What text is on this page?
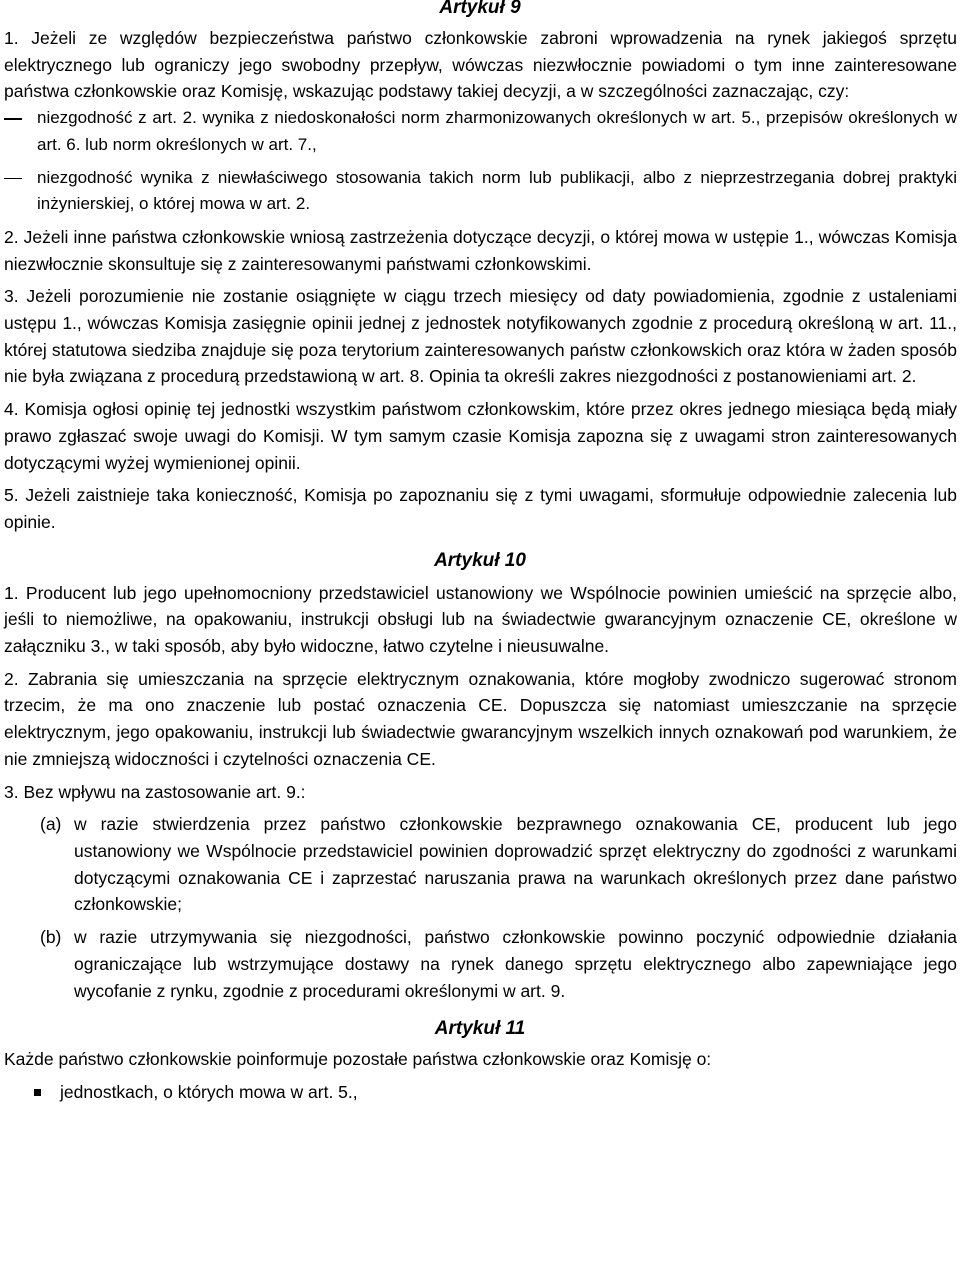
Artykuł 9

1. Jeżeli ze względów bezpieczeństwa państwo członkowskie zabroni wprowadzenia na rynek jakiegoś sprzętu elektrycznego lub ograniczy jego swobodny przepływ, wówczas niezwłocznie powiadomi o tym inne zainteresowane państwa członkowskie oraz Komisję, wskazując podstawy takiej decyzji, a w szczególności zaznaczając, czy:

niezgodność z art. 2. wynika z niedoskonałości norm zharmonizowanych określonych w art. 5., przepisów określonych w art. 6. lub norm określonych w art. 7.,
niezgodność wynika z niewłaściwego stosowania takich norm lub publikacji, albo z nieprzestrzegania dobrej praktyki inżynierskiej, o której mowa w art. 2.

2. Jeżeli inne państwa członkowskie wniosą zastrzeżenia dotyczące decyzji, o której mowa w ustępie 1., wówczas Komisja niezwłocznie skonsultuje się z zainteresowanymi państwami członkowskimi.

3. Jeżeli porozumienie nie zostanie osiągnięte w ciągu trzech miesięcy od daty powiadomienia, zgodnie z ustaleniami ustępu 1., wówczas Komisja zasięgnie opinii jednej z jednostek notyfikowanych zgodnie z procedurą określoną w art. 11., której statutowa siedziba znajduje się poza terytorium zainteresowanych państw członkowskich oraz która w żaden sposób nie była związana z procedurą przedstawioną w art. 8. Opinia ta określi zakres niezgodności z postanowieniami art. 2.

4. Komisja ogłosi opinię tej jednostki wszystkim państwom członkowskim, które przez okres jednego miesiąca będą miały prawo zgłaszać swoje uwagi do Komisji. W tym samym czasie Komisja zapozna się z uwagami stron zainteresowanych dotyczącymi wyżej wymienionej opinii.

5. Jeżeli zaistnieje taka konieczność, Komisja po zapoznaniu się z tymi uwagami, sformułuje odpowiednie zalecenia lub opinie.

Artykuł 10

1. Producent lub jego upełnomocniony przedstawiciel ustanowiony we Wspólnocie powinien umieścić na sprzęcie albo, jeśli to niemożliwe, na opakowaniu, instrukcji obsługi lub na świadectwie gwarancyjnym oznaczenie CE, określone w załączniku 3., w taki sposób, aby było widoczne, łatwo czytelne i nieusuwalne.

2. Zabrania się umieszczania na sprzęcie elektrycznym oznakowania, które mogłoby zwodniczo sugerować stronom trzecim, że ma ono znaczenie lub postać oznaczenia CE. Dopuszcza się natomiast umieszczanie na sprzęcie elektrycznym, jego opakowaniu, instrukcji lub świadectwie gwarancyjnym wszelkich innych oznakowań pod warunkiem, że nie zmniejszą widoczności i czytelności oznaczenia CE.

3. Bez wpływu na zastosowanie art. 9.:

(a) w razie stwierdzenia przez państwo członkowskie bezprawnego oznakowania CE, producent lub jego ustanowiony we Wspólnocie przedstawiciel powinien doprowadzić sprzęt elektryczny do zgodności z warunkami dotyczącymi oznakowania CE i zaprzestać naruszania prawa na warunkach określonych przez dane państwo członkowskie;
(b) w razie utrzymywania się niezgodności, państwo członkowskie powinno poczynić odpowiednie działania ograniczające lub wstrzymujące dostawy na rynek danego sprzętu elektrycznego albo zapewniające jego wycofanie z rynku, zgodnie z procedurami określonymi w art. 9.
Artykuł 11

Każde państwo członkowskie poinformuje pozostałe państwa członkowskie oraz Komisję o:

jednostkach, o których mowa w art. 5.,
